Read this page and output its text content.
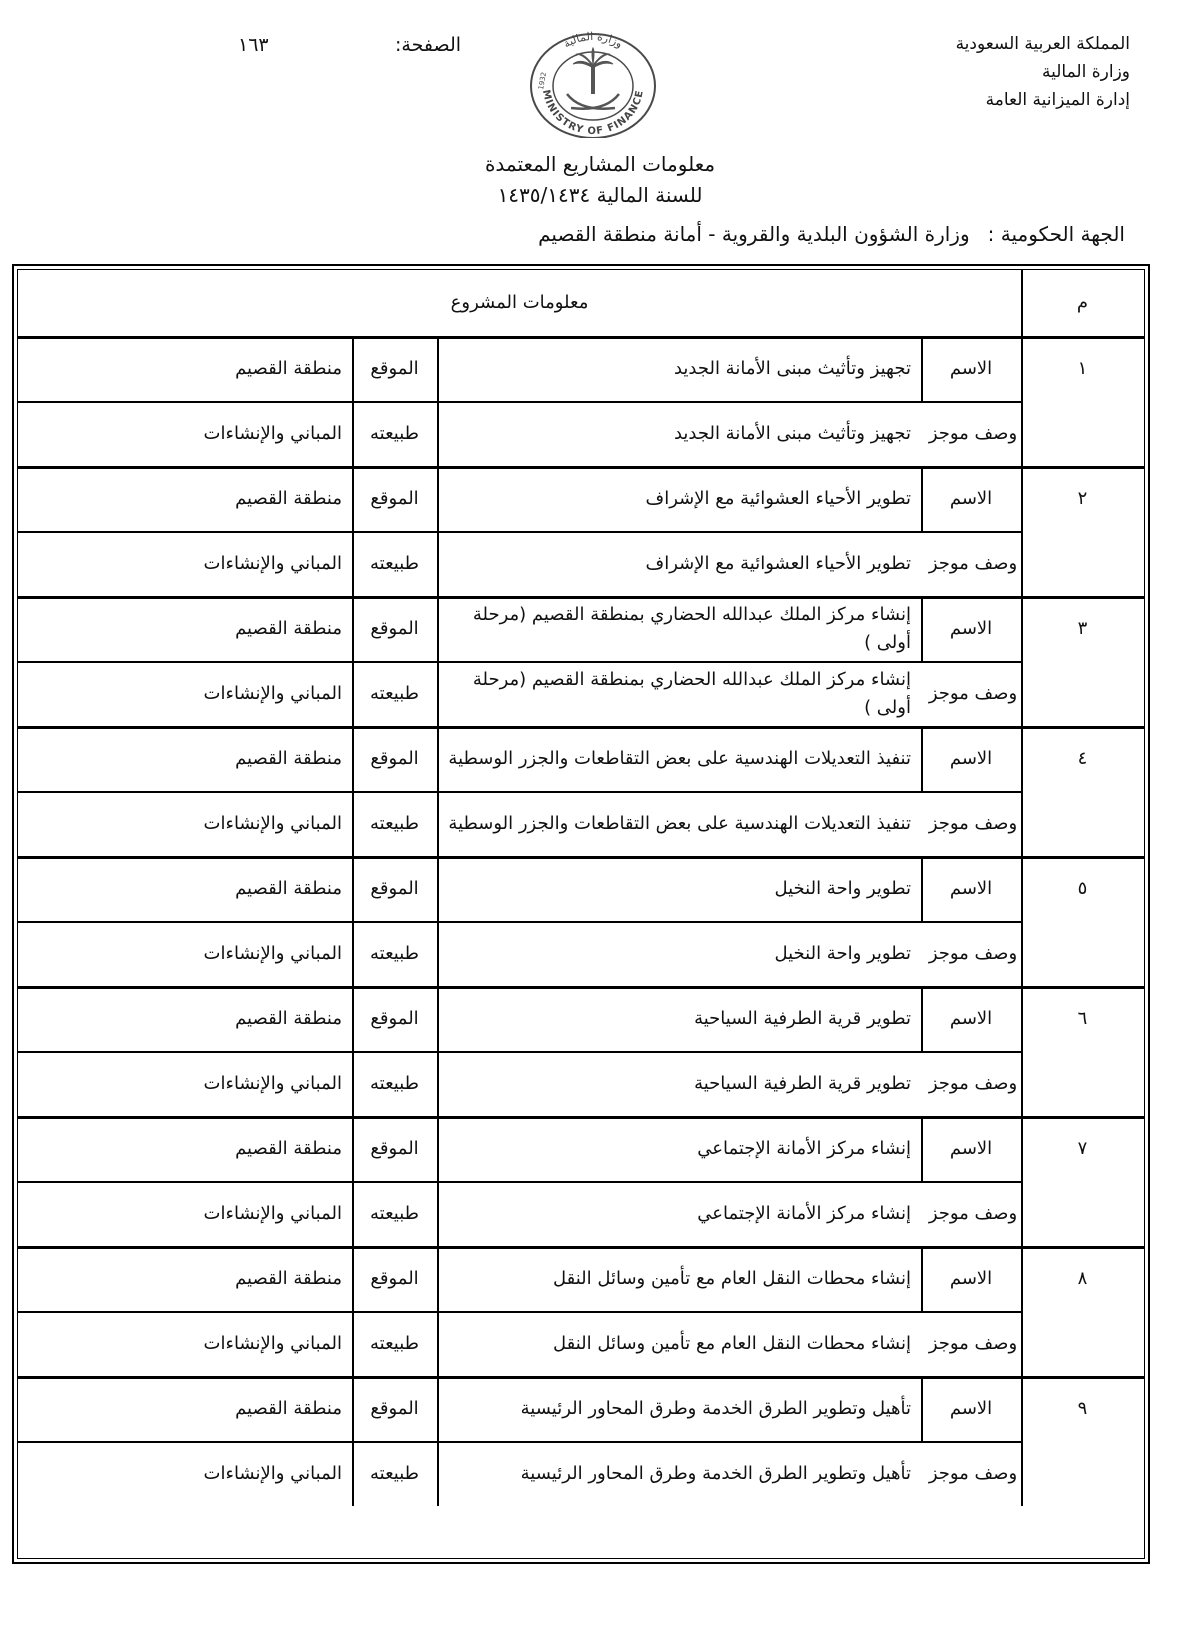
المملكة العربية السعودية
وزارة المالية
إدارة الميزانية العامة
الصفحة:
١٦٣
MINISTRY OF FINANCE
وزارة المالية
1932
معلومات المشاريع المعتمدة
للسنة المالية ١٤٣٥/١٤٣٤
الجهة الحكومية :وزارة الشؤون البلدية والقروية - أمانة منطقة القصيم
م
معلومات المشروع
١
الاسم
تجهيز وتأثيث مبنى الأمانة الجديد
الموقع
منطقة القصيم
وصف موجز
تجهيز وتأثيث مبنى الأمانة الجديد
طبيعته
المباني والإنشاءات
٢
الاسم
تطوير الأحياء العشوائية مع الإشراف
الموقع
منطقة القصيم
وصف موجز
تطوير الأحياء العشوائية مع الإشراف
طبيعته
المباني والإنشاءات
٣
الاسم
إنشاء مركز الملك عبدالله الحضاري بمنطقة القصيم (مرحلة أولى )
الموقع
منطقة القصيم
وصف موجز
إنشاء مركز الملك عبدالله الحضاري بمنطقة القصيم (مرحلة أولى )
طبيعته
المباني والإنشاءات
٤
الاسم
تنفيذ التعديلات الهندسية على بعض التقاطعات والجزر الوسطية
الموقع
منطقة القصيم
وصف موجز
تنفيذ التعديلات الهندسية على بعض التقاطعات والجزر الوسطية
طبيعته
المباني والإنشاءات
٥
الاسم
تطوير واحة النخيل
الموقع
منطقة القصيم
وصف موجز
تطوير واحة النخيل
طبيعته
المباني والإنشاءات
٦
الاسم
تطوير قرية الطرفية السياحية
الموقع
منطقة القصيم
وصف موجز
تطوير قرية الطرفية السياحية
طبيعته
المباني والإنشاءات
٧
الاسم
إنشاء مركز الأمانة الإجتماعي
الموقع
منطقة القصيم
وصف موجز
إنشاء مركز الأمانة الإجتماعي
طبيعته
المباني والإنشاءات
٨
الاسم
إنشاء محطات النقل العام مع تأمين وسائل النقل
الموقع
منطقة القصيم
وصف موجز
إنشاء محطات النقل العام مع تأمين وسائل النقل
طبيعته
المباني والإنشاءات
٩
الاسم
تأهيل وتطوير الطرق الخدمة وطرق المحاور الرئيسية
الموقع
منطقة القصيم
وصف موجز
تأهيل وتطوير الطرق الخدمة وطرق المحاور الرئيسية
طبيعته
المباني والإنشاءات
